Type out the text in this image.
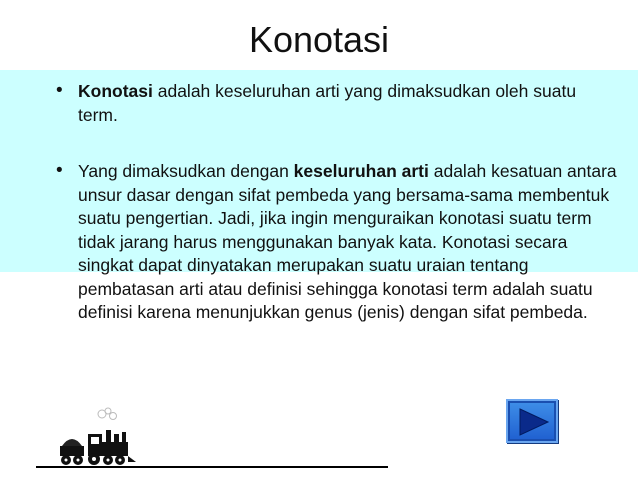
Konotasi
• Konotasi adalah keseluruhan arti yang dimaksudkan oleh suatu term.
• Yang dimaksudkan dengan keseluruhan arti adalah kesatuan antara unsur dasar dengan sifat pembeda yang bersama-sama membentuk suatu pengertian. Jadi, jika ingin menguraikan konotasi suatu term tidak jarang harus menggunakan banyak kata. Konotasi secara singkat dapat dinyatakan merupakan suatu uraian tentang pembatasan arti atau definisi sehingga konotasi term adalah suatu definisi karena menunjukkan genus (jenis) dengan sifat pembeda.
